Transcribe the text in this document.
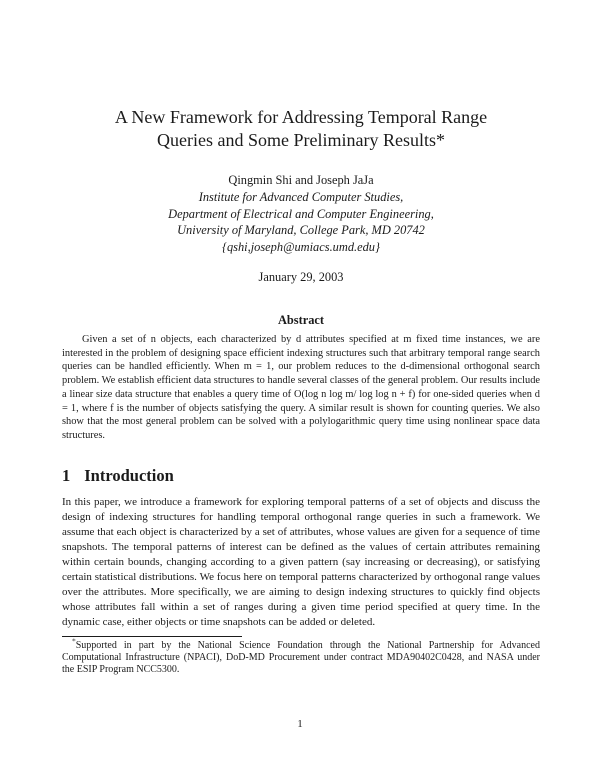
A New Framework for Addressing Temporal Range
Queries and Some Preliminary Results*
Qingmin Shi and Joseph JaJa
Institute for Advanced Computer Studies,
Department of Electrical and Computer Engineering,
University of Maryland, College Park, MD 20742
{qshi,joseph@umiacs.umd.edu}
January 29, 2003
Abstract

Given a set of n objects, each characterized by d attributes specified at m fixed time instances, we are interested in the problem of designing space efficient indexing structures such that arbitrary temporal range search queries can be handled efficiently. When m = 1, our problem reduces to the d-dimensional orthogonal search problem. We establish efficient data structures to handle several classes of the general problem. Our results include a linear size data structure that enables a query time of O(log n log m/ log log n + f) for one-sided queries when d = 1, where f is the number of objects satisfying the query. A similar result is shown for counting queries. We also show that the most general problem can be solved with a polylogarithmic query time using nonlinear space data structures.

1 Introduction

In this paper, we introduce a framework for exploring temporal patterns of a set of objects and discuss the design of indexing structures for handling temporal orthogonal range queries in such a framework. We assume that each object is characterized by a set of attributes, whose values are given for a sequence of time snapshots. The temporal patterns of interest can be defined as the values of certain attributes remaining within certain bounds, changing according to a given pattern (say increasing or decreasing), or satisfying certain statistical distributions. We focus here on temporal patterns characterized by orthogonal range values over the attributes. More specifically, we are aiming to design indexing structures to quickly find objects whose attributes fall within a set of ranges during a given time period specified at query time. In the dynamic case, either objects or time snapshots can be added or deleted.

*Supported in part by the National Science Foundation through the National Partnership for Advanced Computational Infrastructure (NPACI), DoD-MD Procurement under contract MDA90402C0428, and NASA under the ESIP Program NCC5300.

1
